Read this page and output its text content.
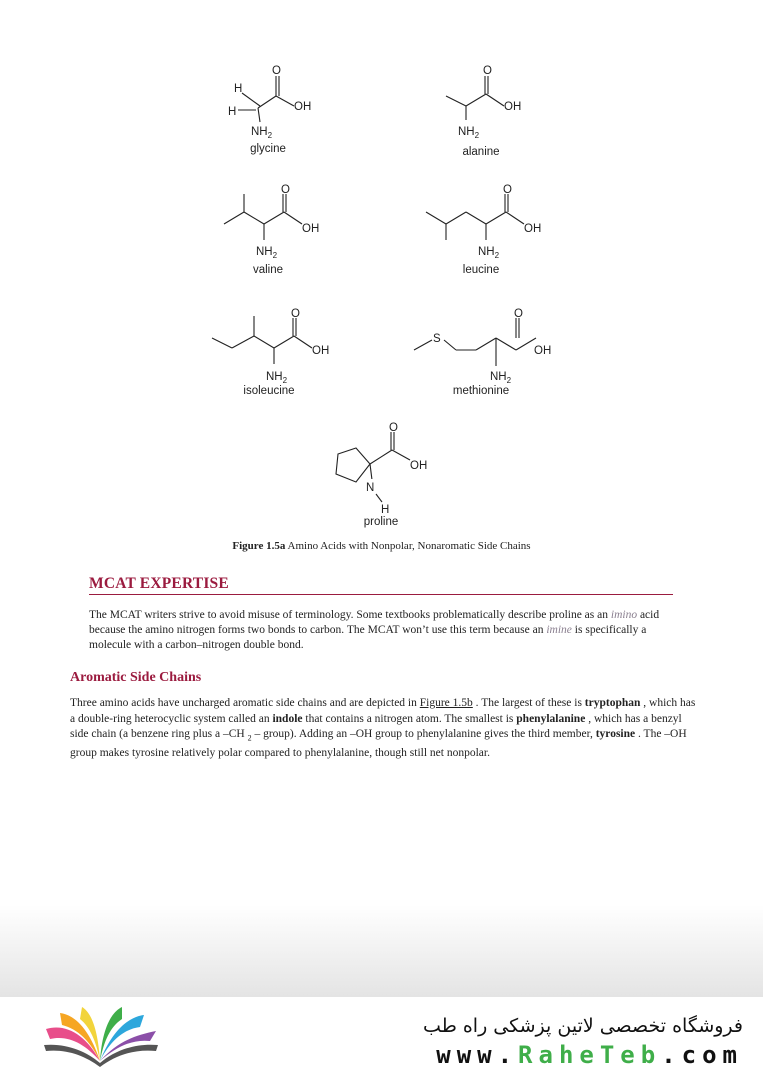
H
H
O
OH
$NH_2$
glycine
O
OH
$NH_2$
alanine
O
OH
$NH_2$
valine
O
OH
$NH_2$
leucine
O
OH
$NH_2$
isoleucine
S
O
OH
$NH_2$
methionine
O
OH
N
H
proline
Figure 1.5a Amino Acids with Nonpolar, Nonaromatic Side Chains
MCAT EXPERTISE
The MCAT writers strive to avoid misuse of terminology. Some textbooks problematically describe proline as an imino acid because the amino nitrogen forms two bonds to carbon. The MCAT won’t use this term because an imine is specifically a molecule with a carbon–nitrogen double bond.
Aromatic Side Chains
Three amino acids have uncharged aromatic side chains and are depicted in Figure 1.5b . The largest of these is tryptophan , which has a double-ring heterocyclic system called an indole that contains a nitrogen atom. The smallest is phenylalanine , which has a benzyl side chain (a benzene ring plus a –CH $_2$ – group). Adding an –OH group to phenylalanine gives the third member, tyrosine . The –OH group makes tyrosine relatively polar compared to phenylalanine, though still net nonpolar.
فروشگاه تخصصی لاتین پزشکی راه طب
www.RaheTeb.com
